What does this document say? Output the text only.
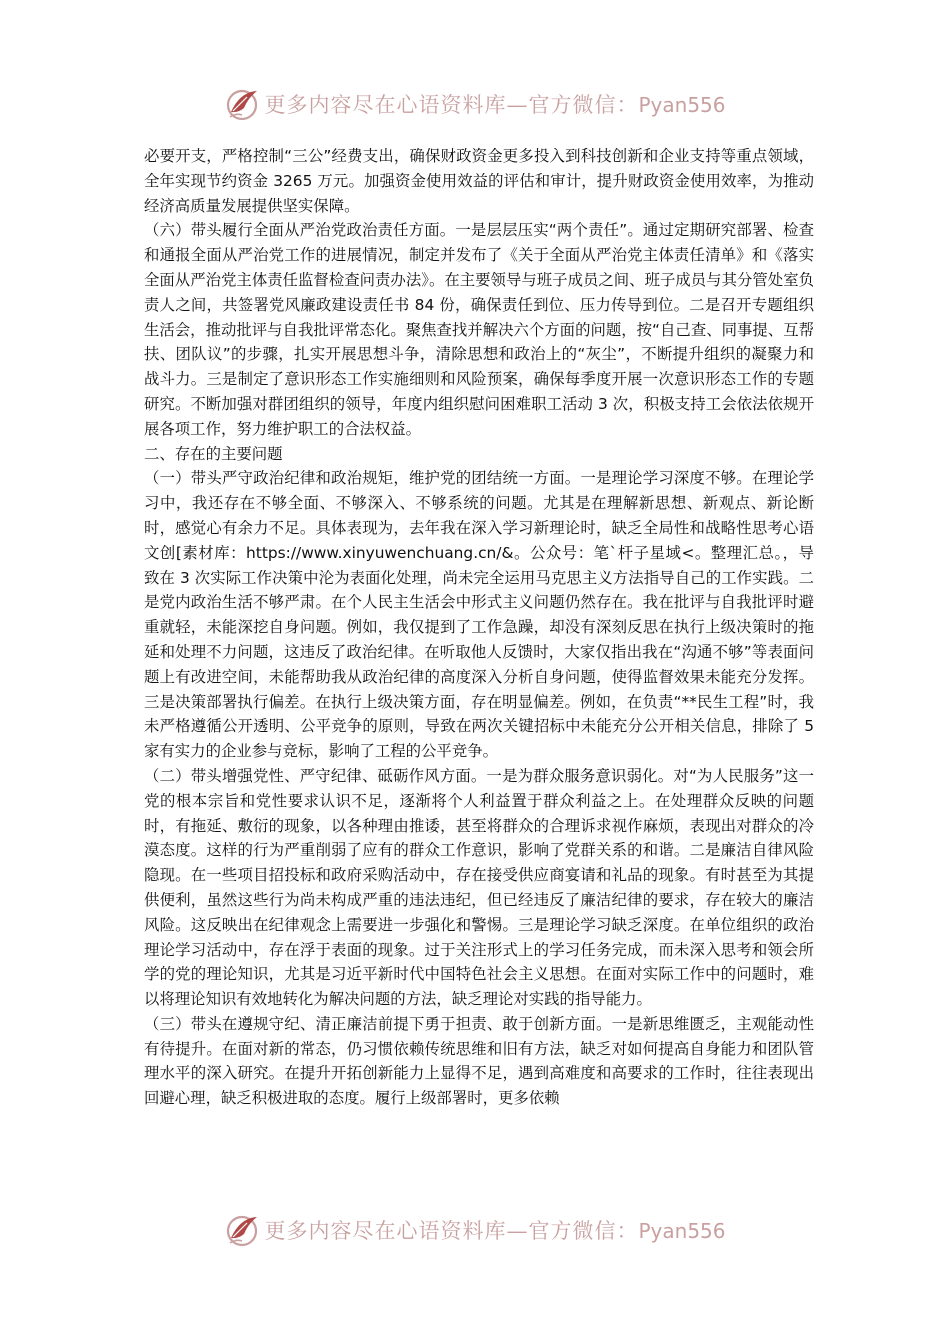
更多内容尽在心语资料库—官方微信：Pyan556

必要开支，严格控制“三公”经费支出，确保财政资金更多投入到科技创新和企业支持等重点领域，全年实现节约资金 3265 万元。加强资金使用效益的评估和审计，提升财政资金使用效率，为推动经济高质量发展提供坚实保障。

（六）带头履行全面从严治党政治责任方面。一是层层压实“两个责任”。通过定期研究部署、检查和通报全面从严治党工作的进展情况，制定并发布了《关于全面从严治党主体责任清单》和《落实全面从严治党主体责任监督检查问责办法》。在主要领导与班子成员之间、班子成员与其分管处室负责人之间，共签署党风廉政建设责任书 84 份，确保责任到位、压力传导到位。二是召开专题组织生活会，推动批评与自我批评常态化。聚焦查找并解决六个方面的问题，按“自己查、同事提、互帮扶、团队议”的步骤，扎实开展思想斗争，清除思想和政治上的“灰尘”，不断提升组织的凝聚力和战斗力。三是制定了意识形态工作实施细则和风险预案，确保每季度开展一次意识形态工作的专题研究。不断加强对群团组织的领导，年度内组织慰问困难职工活动 3 次，积极支持工会依法依规开展各项工作，努力维护职工的合法权益。

二、存在的主要问题

（一）带头严守政治纪律和政治规矩，维护党的团结统一方面。一是理论学习深度不够。在理论学习中，我还存在不够全面、不够深入、不够系统的问题。尤其是在理解新思想、新观点、新论断时，感觉心有余力不足。具体表现为，去年我在深入学习新理论时，缺乏全局性和战略性思考心语文创[素材库：https://www.xinyuwenchuang.cn/&。公众号：笔`杆子星域<。整理汇总。，导致在 3 次实际工作决策中沦为表面化处理，尚未完全运用马克思主义方法指导自己的工作实践。二是党内政治生活不够严肃。在个人民主生活会中形式主义问题仍然存在。我在批评与自我批评时避重就轻，未能深挖自身问题。例如，我仅提到了工作急躁，却没有深刻反思在执行上级决策时的拖延和处理不力问题，这违反了政治纪律。在听取他人反馈时，大家仅指出我在“沟通不够”等表面问题上有改进空间，未能帮助我从政治纪律的高度深入分析自身问题，使得监督效果未能充分发挥。三是决策部署执行偏差。在执行上级决策方面，存在明显偏差。例如，在负责“**民生工程”时，我未严格遵循公开透明、公平竞争的原则，导致在两次关键招标中未能充分公开相关信息，排除了 5 家有实力的企业参与竞标，影响了工程的公平竞争。

（二）带头增强党性、严守纪律、砥砺作风方面。一是为群众服务意识弱化。对“为人民服务”这一党的根本宗旨和党性要求认识不足，逐渐将个人利益置于群众利益之上。在处理群众反映的问题时，有拖延、敷衍的现象，以各种理由推诿，甚至将群众的合理诉求视作麻烦，表现出对群众的冷漠态度。这样的行为严重削弱了应有的群众工作意识，影响了党群关系的和谐。二是廉洁自律风险隐现。在一些项目招投标和政府采购活动中，存在接受供应商宴请和礼品的现象。有时甚至为其提供便利，虽然这些行为尚未构成严重的违法违纪，但已经违反了廉洁纪律的要求，存在较大的廉洁风险。这反映出在纪律观念上需要进一步强化和警惕。三是理论学习缺乏深度。在单位组织的政治理论学习活动中，存在浮于表面的现象。过于关注形式上的学习任务完成，而未深入思考和领会所学的党的理论知识，尤其是习近平新时代中国特色社会主义思想。在面对实际工作中的问题时，难以将理论知识有效地转化为解决问题的方法，缺乏理论对实践的指导能力。

（三）带头在遵规守纪、清正廉洁前提下勇于担责、敢于创新方面。一是新思维匮乏，主观能动性有待提升。在面对新的常态，仍习惯依赖传统思维和旧有方法，缺乏对如何提高自身能力和团队管理水平的深入研究。在提升开拓创新能力上显得不足，遇到高难度和高要求的工作时，往往表现出回避心理，缺乏积极进取的态度。履行上级部署时，更多依赖

更多内容尽在心语资料库—官方微信：Pyan556
